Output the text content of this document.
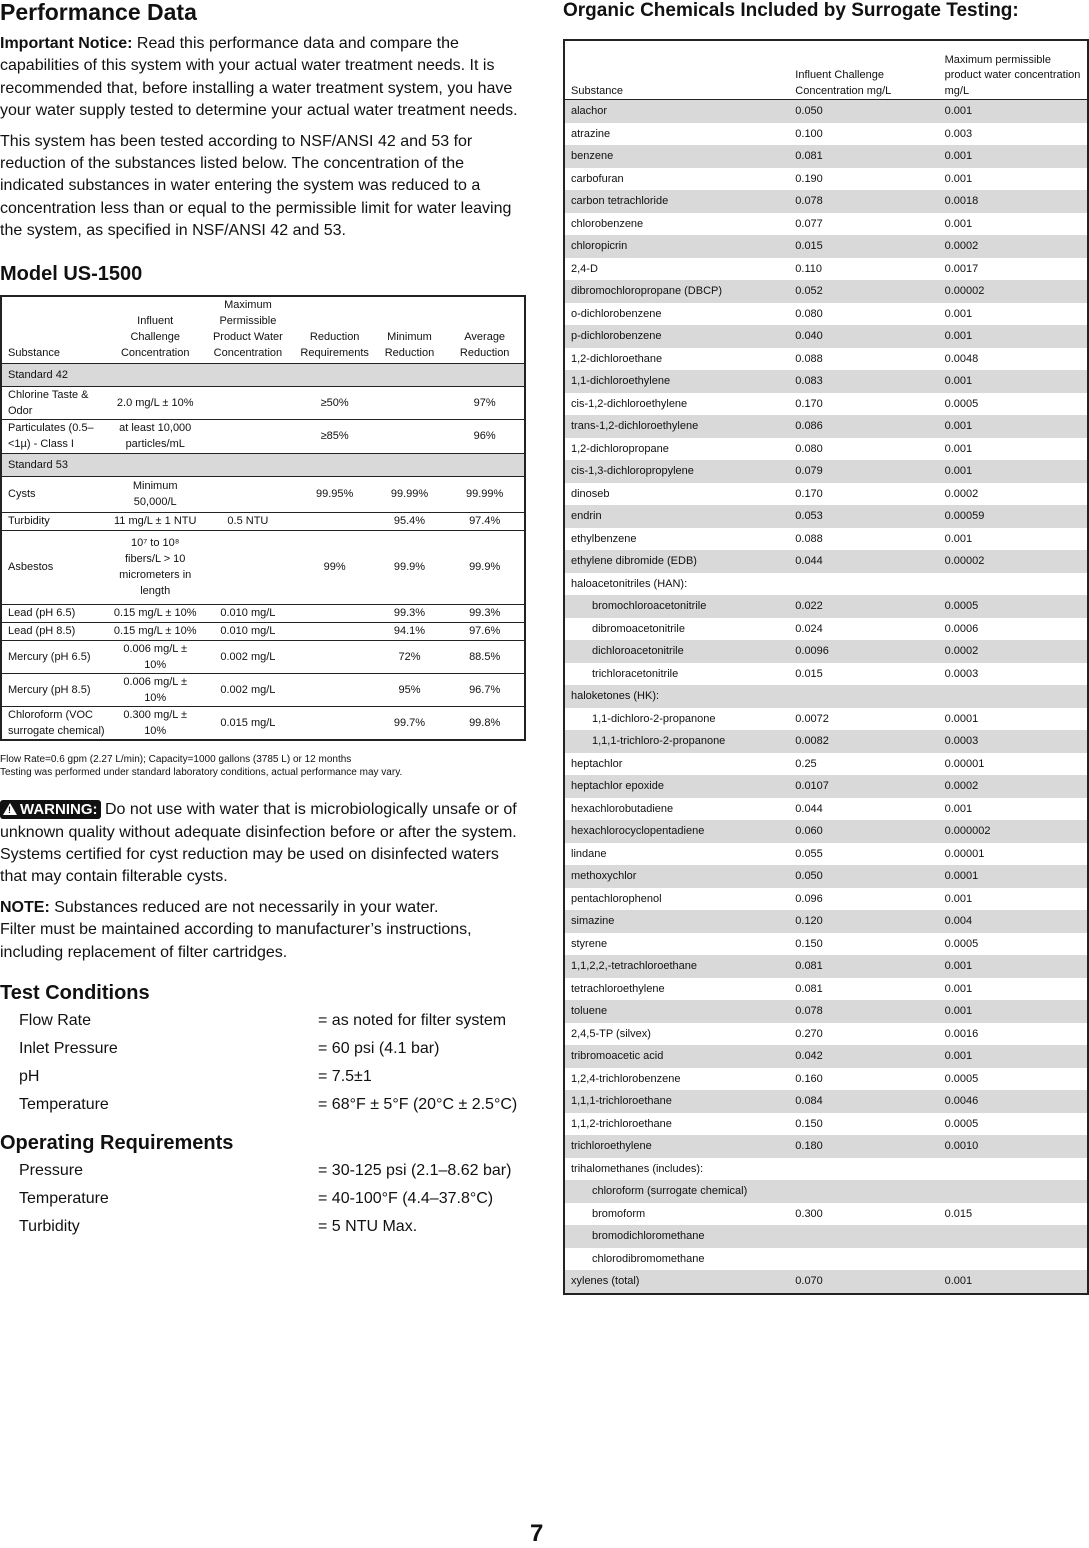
Performance Data

Important Notice: Read this performance data and compare the capabilities of this system with your actual water treatment needs. It is recommended that, before installing a water treatment system, you have your water supply tested to determine your actual water treatment needs.

This system has been tested according to NSF/ANSI 42 and 53 for reduction of the substances listed below. The concentration of the indicated substances in water entering the system was reduced to a concentration less than or equal to the permissible limit for water leaving the system, as specified in NSF/ANSI 42 and 53.

Model US-1500
Substance	Influent Challenge Concentration	Maximum Permissible Product Water Concentration	Reduction Requirements	Minimum Reduction	Average Reduction
Standard 42					
Chlorine Taste & Odor	2.0 mg/L ± 10%		≥50%		97%
Particulates (0.5–<1µ) - Class I	at least 10,000 particles/mL		≥85%		96%
Standard 53					
Cysts	Minimum 50,000/L		99.95%	99.99%	99.99%
Turbidity	11 mg/L ± 1 NTU	0.5 NTU		95.4%	97.4%
Asbestos	10⁷ to 10⁸ fibers/L > 10 micrometers in length		99%	99.9%	99.9%
Lead (pH 6.5)	0.15 mg/L ± 10%	0.010 mg/L		99.3%	99.3%
Lead (pH 8.5)	0.15 mg/L ± 10%	0.010 mg/L		94.1%	97.6%
Mercury (pH 6.5)	0.006 mg/L ± 10%	0.002 mg/L		72%	88.5%
Mercury (pH 8.5)	0.006 mg/L ± 10%	0.002 mg/L		95%	96.7%
Chloroform (VOC surrogate chemical)	0.300 mg/L ± 10%	0.015 mg/L		99.7%	99.8%
Flow Rate=0.6 gpm (2.27 L/min); Capacity=1000 gallons (3785 L) or 12 months
Testing was performed under standard laboratory conditions, actual performance may vary.

! WARNING: Do not use with water that is microbiologically unsafe or of unknown quality without adequate disinfection before or after the system. Systems certified for cyst reduction may be used on disinfected waters that may contain filterable cysts.

NOTE: Substances reduced are not necessarily in your water.
Filter must be maintained according to manufacturer’s instructions, including replacement of filter cartridges.

Test Conditions
Flow Rate	= as noted for filter system
Inlet Pressure	= 60 psi (4.1 bar)
pH	= 7.5±1
Temperature	= 68°F ± 5°F (20°C ± 2.5°C)
Operating Requirements
Pressure	= 30-125 psi (2.1–8.62 bar)
Temperature	= 40-100°F (4.4–37.8°C)
Turbidity	= 5 NTU Max.
Organic Chemicals Included by Surrogate Testing:
Substance	Influent Challenge Concentration mg/L	Maximum permissible product water concentration mg/L
alachor	0.050	0.001
atrazine	0.100	0.003
benzene	0.081	0.001
carbofuran	0.190	0.001
carbon tetrachloride	0.078	0.0018
chlorobenzene	0.077	0.001
chloropicrin	0.015	0.0002
2,4-D	0.110	0.0017
dibromochloropropane (DBCP)	0.052	0.00002
o-dichlorobenzene	0.080	0.001
p-dichlorobenzene	0.040	0.001
1,2-dichloroethane	0.088	0.0048
1,1-dichloroethylene	0.083	0.001
cis-1,2-dichloroethylene	0.170	0.0005
trans-1,2-dichloroethylene	0.086	0.001
1,2-dichloropropane	0.080	0.001
cis-1,3-dichloropropylene	0.079	0.001
dinoseb	0.170	0.0002
endrin	0.053	0.00059
ethylbenzene	0.088	0.001
ethylene dibromide (EDB)	0.044	0.00002
haloacetonitriles (HAN):		
bromochloroacetonitrile	0.022	0.0005
dibromoacetonitrile	0.024	0.0006
dichloroacetonitrile	0.0096	0.0002
trichloracetonitrile	0.015	0.0003
haloketones (HK):		
1,1-dichloro-2-propanone	0.0072	0.0001
1,1,1-trichloro-2-propanone	0.0082	0.0003
heptachlor	0.25	0.00001
heptachlor epoxide	0.0107	0.0002
hexachlorobutadiene	0.044	0.001
hexachlorocyclopentadiene	0.060	0.000002
lindane	0.055	0.00001
methoxychlor	0.050	0.0001
pentachlorophenol	0.096	0.001
simazine	0.120	0.004
styrene	0.150	0.0005
1,1,2,2,-tetrachloroethane	0.081	0.001
tetrachloroethylene	0.081	0.001
toluene	0.078	0.001
2,4,5-TP (silvex)	0.270	0.0016
tribromoacetic acid	0.042	0.001
1,2,4-trichlorobenzene	0.160	0.0005
1,1,1-trichloroethane	0.084	0.0046
1,1,2-trichloroethane	0.150	0.0005
trichloroethylene	0.180	0.0010
trihalomethanes (includes):		
chloroform (surrogate chemical)		
bromoform	0.300	0.015
bromodichloromethane		
chlorodibromomethane		
xylenes (total)	0.070	0.001
7
